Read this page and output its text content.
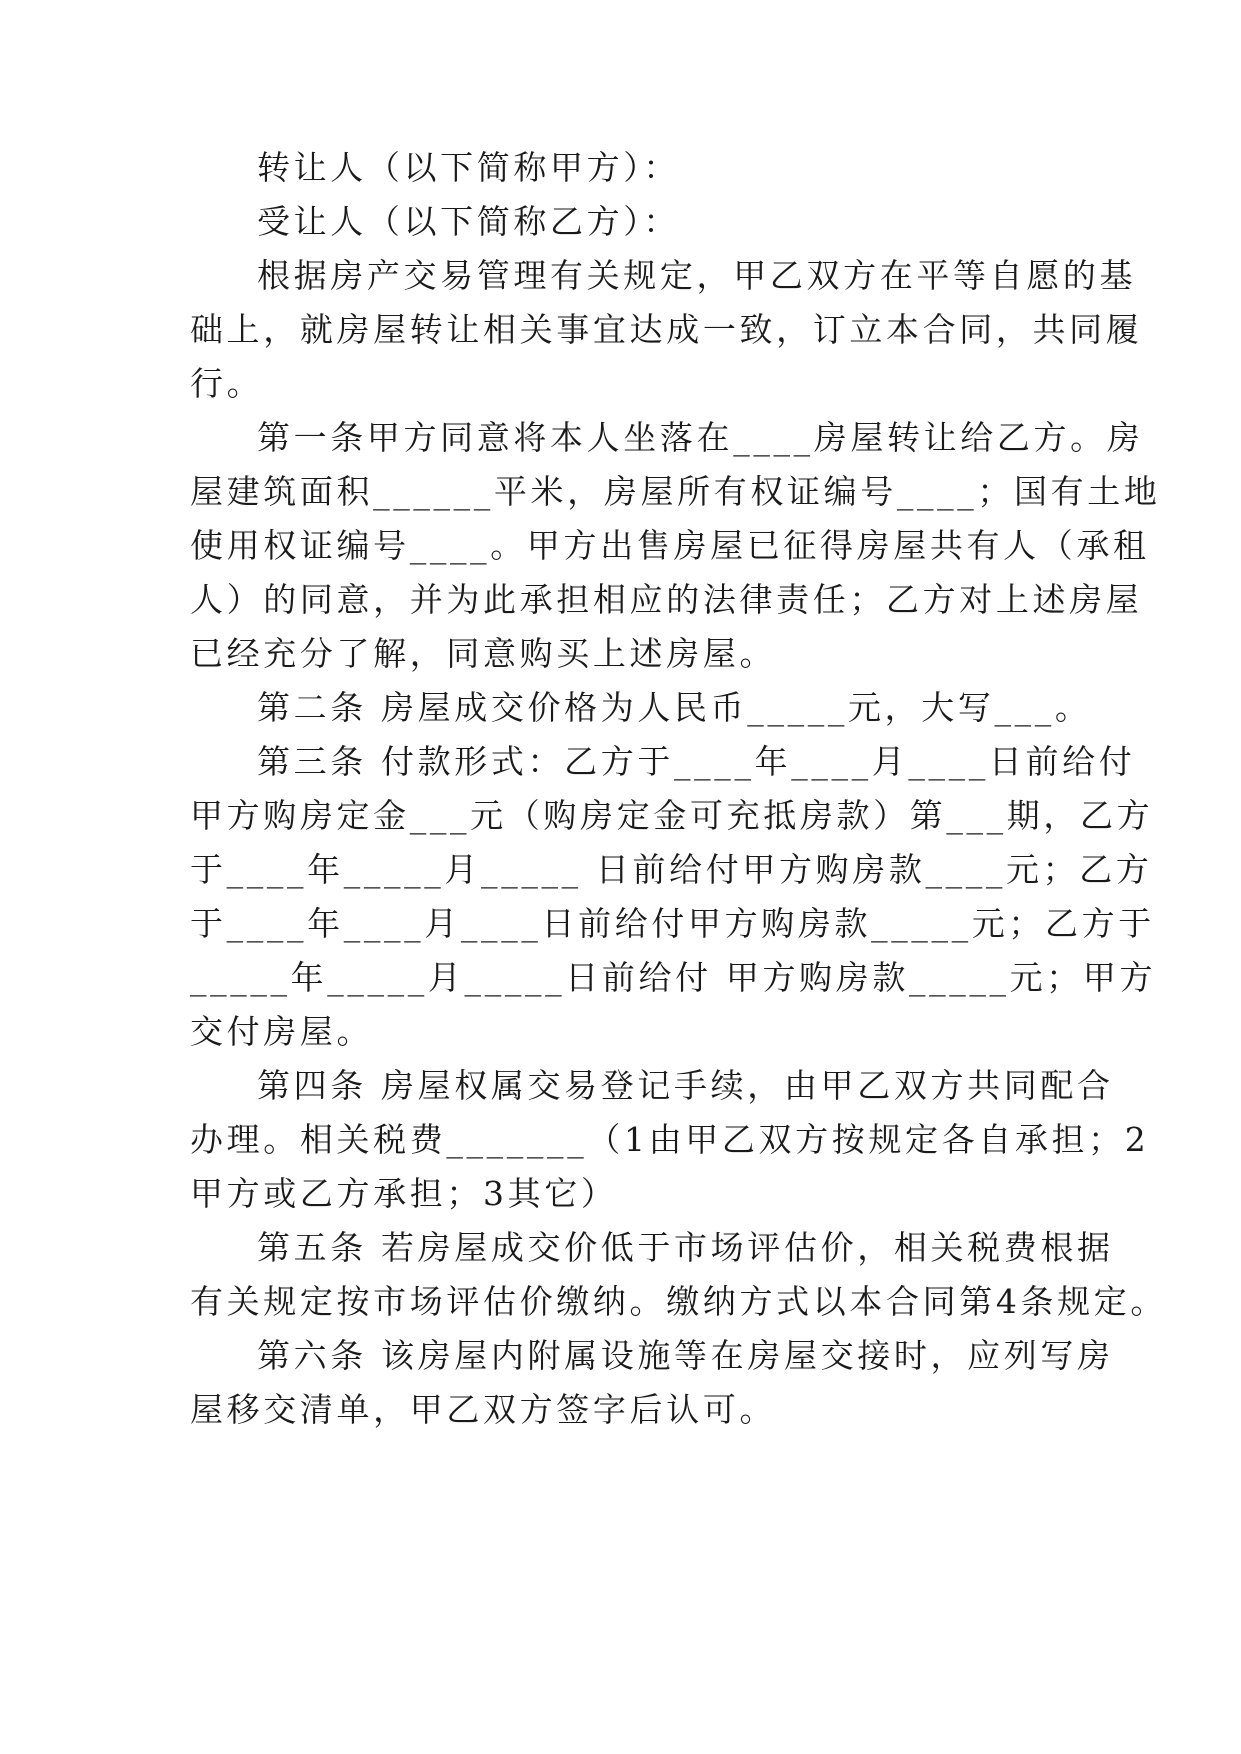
转让人（以下简称甲方）：
受让人（以下简称乙方）：
根据房产交易管理有关规定，甲乙双方在平等自愿的基
础上，就房屋转让相关事宜达成一致，订立本合同，共同履
行。
第一条甲方同意将本人坐落在____房屋转让给乙方。房
屋建筑面积______平米，房屋所有权证编号____；国有土地
使用权证编号____。甲方出售房屋已征得房屋共有人（承租
人）的同意，并为此承担相应的法律责任；乙方对上述房屋
已经充分了解，同意购买上述房屋。
第二条 房屋成交价格为人民币_____元，大写___。
第三条 付款形式：乙方于____年____月____日前给付
甲方购房定金___元（购房定金可充抵房款）第___期，乙方
于____年_____月_____ 日前给付甲方购房款____元；乙方
于____年____月____日前给付甲方购房款_____元；乙方于
_____年_____月_____日前给付 甲方购房款_____元；甲方
交付房屋。
第四条 房屋权属交易登记手续，由甲乙双方共同配合
办理。相关税费_______（1由甲乙双方按规定各自承担；2
甲方或乙方承担；3其它）
第五条 若房屋成交价低于市场评估价，相关税费根据
有关规定按市场评估价缴纳。缴纳方式以本合同第4条规定。
第六条 该房屋内附属设施等在房屋交接时，应列写房
屋移交清单，甲乙双方签字后认可。
